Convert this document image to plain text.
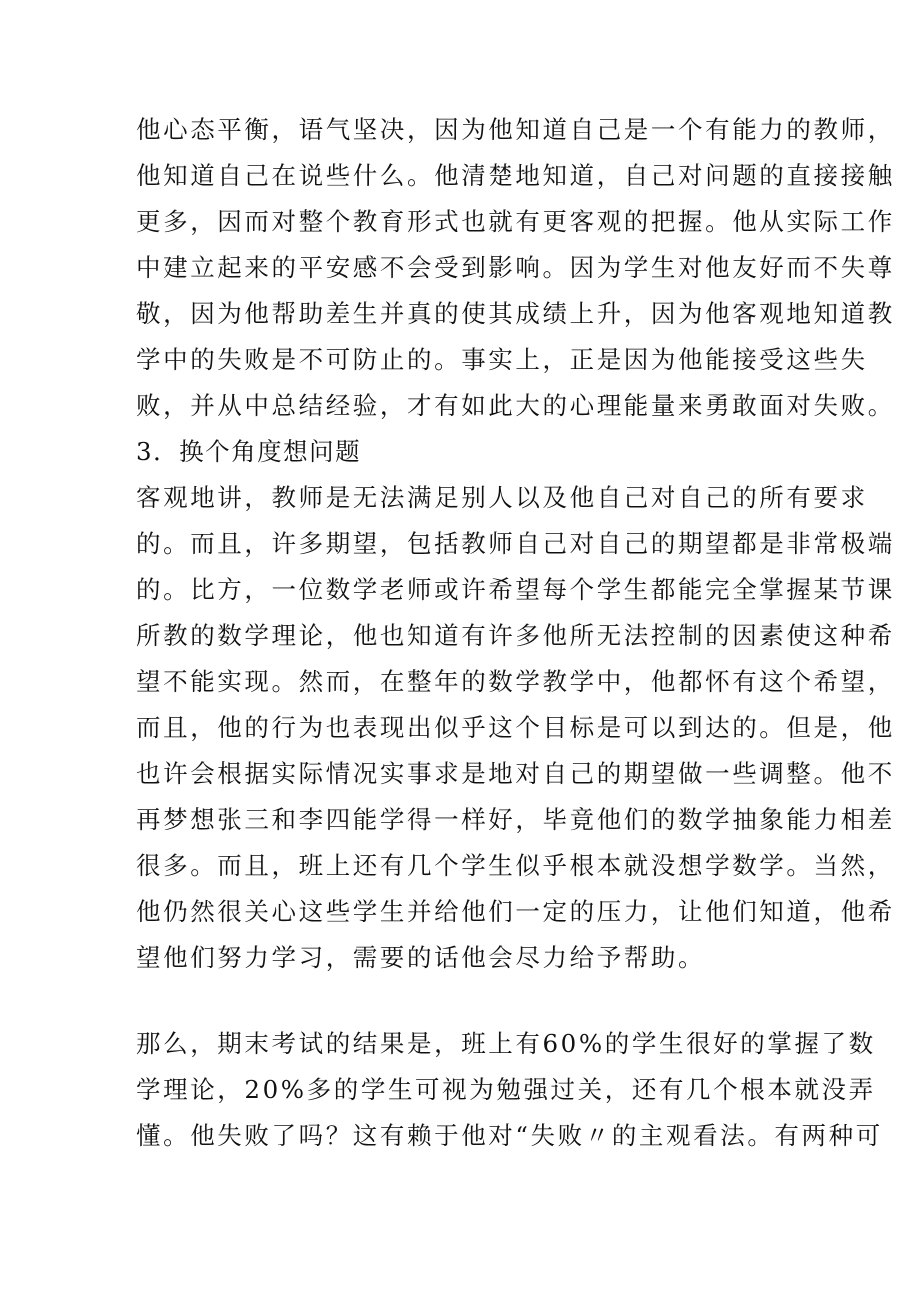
他心态平衡，语气坚决，因为他知道自己是一个有能力的教师，
他知道自己在说些什么。他清楚地知道，自己对问题的直接接触
更多，因而对整个教育形式也就有更客观的把握。他从实际工作
中建立起来的平安感不会受到影响。因为学生对他友好而不失尊
敬，因为他帮助差生并真的使其成绩上升，因为他客观地知道教
学中的失败是不可防止的。事实上，正是因为他能接受这些失
败，并从中总结经验，才有如此大的心理能量来勇敢面对失败。
3．换个角度想问题
客观地讲，教师是无法满足别人以及他自己对自己的所有要求
的。而且，许多期望，包括教师自己对自己的期望都是非常极端
的。比方，一位数学老师或许希望每个学生都能完全掌握某节课
所教的数学理论，他也知道有许多他所无法控制的因素使这种希
望不能实现。然而，在整年的数学教学中，他都怀有这个希望，
而且，他的行为也表现出似乎这个目标是可以到达的。但是，他
也许会根据实际情况实事求是地对自己的期望做一些调整。他不
再梦想张三和李四能学得一样好，毕竟他们的数学抽象能力相差
很多。而且，班上还有几个学生似乎根本就没想学数学。当然，
他仍然很关心这些学生并给他们一定的压力，让他们知道，他希
望他们努力学习，需要的话他会尽力给予帮助。
那么，期末考试的结果是，班上有60%的学生很好的掌握了数
学理论，20%多的学生可视为勉强过关，还有几个根本就没弄
懂。他失败了吗？这有赖于他对“失败〃的主观看法。有两种可
